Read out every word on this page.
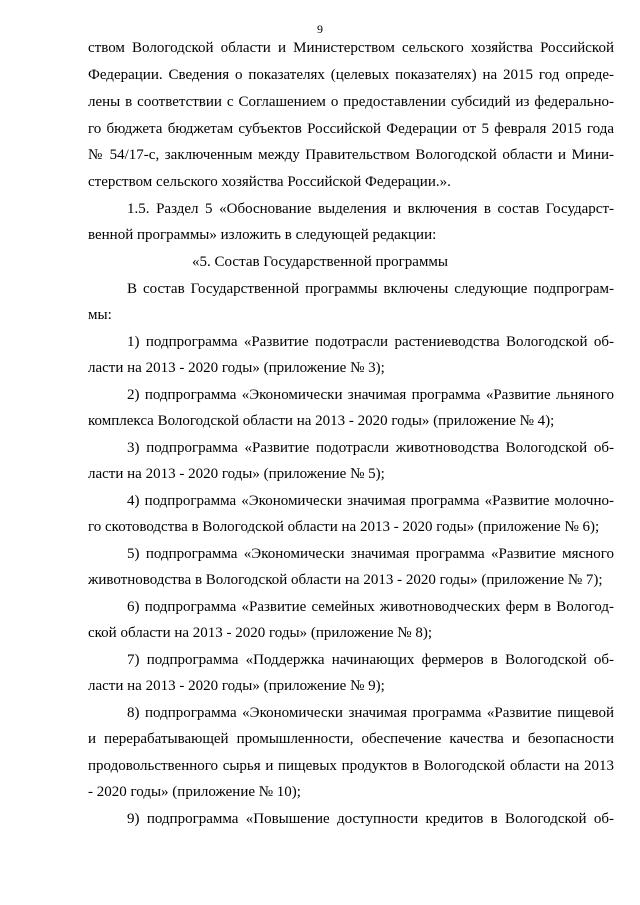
9
ством Вологодской области и Министерством сельского хозяйства Российской
Федерации. Сведения о показателях (целевых показателях) на 2015 год опреде-
лены в соответствии с Соглашением о предоставлении субсидий из федерально-
го бюджета бюджетам субъектов Российской Федерации от 5 февраля 2015 года
№ 54/17-с, заключенным между Правительством Вологодской области и Мини-
стерством сельского хозяйства Российской Федерации.».
1.5. Раздел 5 «Обоснование выделения и включения в состав Государст-
венной программы» изложить в следующей редакции:
«5. Состав Государственной программы
В состав Государственной программы включены следующие подпрограм-
мы:
1) подпрограмма «Развитие подотрасли растениеводства Вологодской об-
ласти на 2013 - 2020 годы» (приложение № 3);
2) подпрограмма «Экономически значимая программа «Развитие льняного
комплекса Вологодской области на 2013 - 2020 годы» (приложение № 4);
3) подпрограмма «Развитие подотрасли животноводства Вологодской об-
ласти на 2013 - 2020 годы» (приложение № 5);
4) подпрограмма «Экономически значимая программа «Развитие молочно-
го скотоводства в Вологодской области на 2013 - 2020 годы» (приложение № 6);
5) подпрограмма «Экономически значимая программа «Развитие мясного
животноводства в Вологодской области на 2013 - 2020 годы» (приложение № 7);
6) подпрограмма «Развитие семейных животноводческих ферм в Вологод-
ской области на 2013 - 2020 годы» (приложение № 8);
7) подпрограмма «Поддержка начинающих фермеров в Вологодской об-
ласти на 2013 - 2020 годы» (приложение № 9);
8) подпрограмма «Экономически значимая программа «Развитие пищевой
и перерабатывающей промышленности, обеспечение качества и безопасности
продовольственного сырья и пищевых продуктов в Вологодской области на 2013
- 2020 годы» (приложение № 10);
9) подпрограмма «Повышение доступности кредитов в Вологодской об-
